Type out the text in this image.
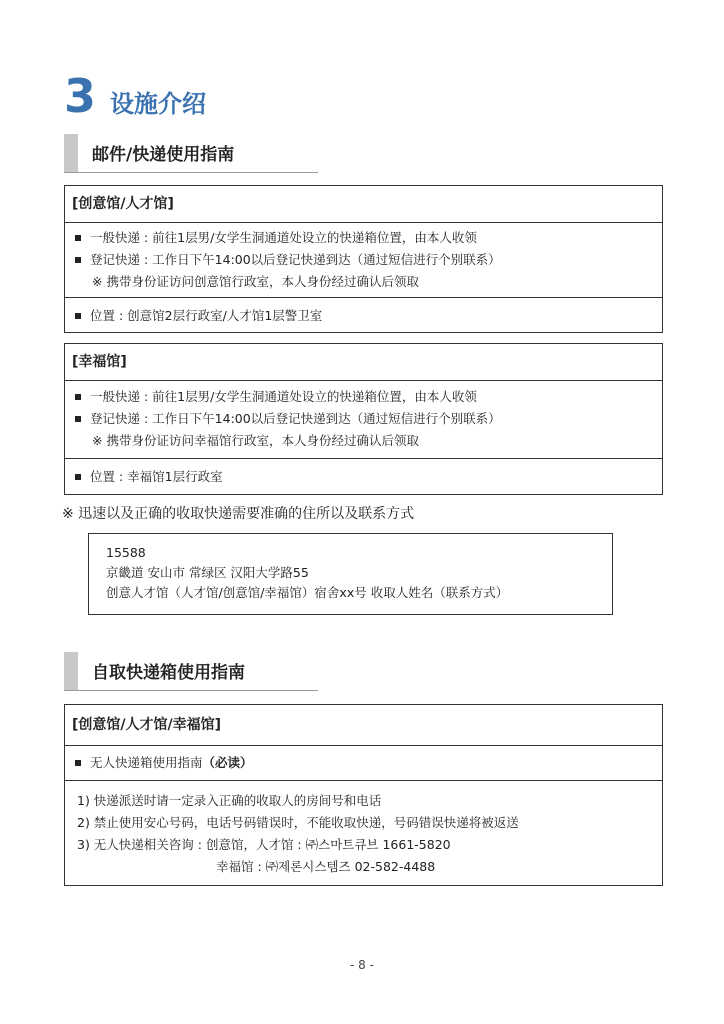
3 设施介绍
邮件/快递使用指南
[创意馆/人才馆]
一般快递 : 前往1层男/女学生洞通道处设立的快递箱位置，由本人收领
登记快递 : 工作日下午14:00以后登记快递到达（通过短信进行个别联系）
※ 携带身份证访问创意馆行政室，本人身份经过确认后领取
位置 : 创意馆2层行政室/人才馆1层警卫室
[幸福馆]
一般快递 : 前往1层男/女学生洞通道处设立的快递箱位置，由本人收领
登记快递 : 工作日下午14:00以后登记快递到达（通过短信进行个别联系）
※ 携带身份证访问幸福馆行政室，本人身份经过确认后领取
位置 : 幸福馆1层行政室
※ 迅速以及正确的收取快递需要准确的住所以及联系方式
15588
京畿道 安山市 常绿区 汉阳大学路55
创意人才馆（人才馆/创意馆/幸福馆）宿舍xx号 收取人姓名（联系方式）
自取快递箱使用指南
[创意馆/人才馆/幸福馆]
无人快递箱使用指南（必读）
1) 快递派送时请一定录入正确的收取人的房间号和电话
2) 禁止使用安心号码，电话号码错误时，不能收取快递，号码错误快递将被返送
3) 无人快递相关咨询 : 创意馆，人才馆 : ㈜스마트큐브 1661-5820
幸福馆 : ㈜제론시스템즈 02-582-4488
- 8 -
